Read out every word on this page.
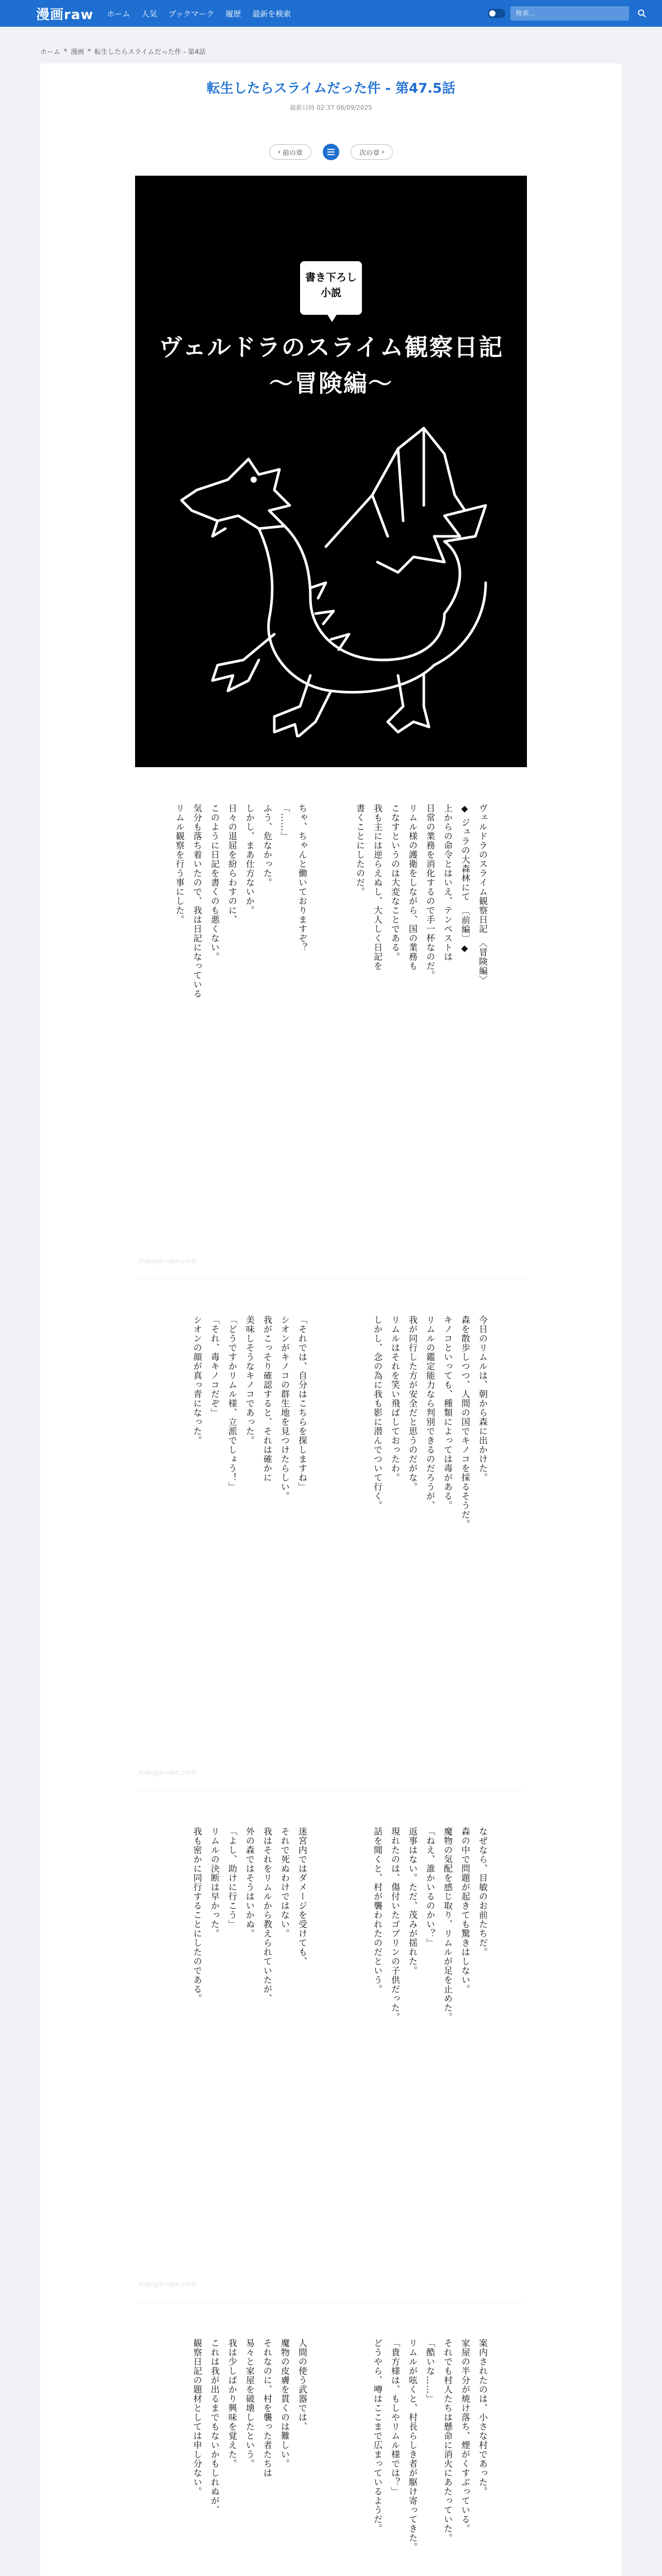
漫画raw ホーム 人気 ブックマーク 履歴 最新を検索
検索...
ホーム » 漫画 » 転生したらスライムだった件 - 第4話
転生したらスライムだった件 - 第47.5話
最新日時 02:37 06/09/2025
‹ 前の章	次の章 ›
書き下ろし
小説
ヴェルドラのスライム観察日記
〜冒険編〜
ヴェルドラのスライム観察日記　〈冒険編〉
◆ ジュラの大森林にて　〔前編〕◆
上からの命令とはいえ、テンペストは
日常の業務を消化するので手一杯なのだ。
リムル様の護衛をしながら、国の業務も
こなすというのは大変なことである。
我も主には逆らえぬし、大人しく日記を
書くことにしたのだ。
ちゃ、ちゃんと働いておりますぞ？
「……」
ふう、危なかった。
しかし、まあ仕方ないか。
日々の退屈を紛らわすのに、
このように日記を書くのも悪くない。
気分も落ち着いたので、我は日記になっている
リムル観察を行う事にした。
manga-raw.com
今日のリムルは、朝から森に出かけた。
森を散歩しつつ、人間の国でキノコを採るそうだ。
キノコといっても、種類によっては毒がある。
リムルの鑑定能力なら判別できるのだろうが、
我が同行した方が安全だと思うのだがな。
リムルはそれを笑い飛ばしておったわ。
しかし、念の為に我も影に潜んでついて行く。
「それでは、自分はこちらを探しますね」
シオンがキノコの群生地を見つけたらしい。
我がこっそり確認すると、それは確かに
美味しそうなキノコであった。
「どうですかリムル様、立派でしょう！」
「それ、毒キノコだぞ」
シオンの顔が真っ青になった。
manga-raw.com
なぜなら、目敏のお前たちだ。
森の中で問題が起きても驚きはしない。
魔物の気配を感じ取り、リムルが足を止めた。
「ねえ、誰かいるのかい？」
返事はない。ただ、茂みが揺れた。
現れたのは、傷付いたゴブリンの子供だった。
話を聞くと、村が襲われたのだという。
迷宮内ではダメージを受けても、
それで死ぬわけではない。
我はそれをリムルから教えられていたが、
外の森ではそうはいかぬ。
「よし、助けに行こう」
リムルの決断は早かった。
我も密かに同行することにしたのである。
manga-raw.com
案内されたのは、小さな村であった。
家屋の半分が焼け落ち、煙がくすぶっている。
それでも村人たちは懸命に消火にあたっていた。
「酷いな……」
リムルが呟くと、村長らしき者が駆け寄ってきた。
「貴方様は、もしやリムル様では？」
どうやら、噂はここまで広まっているようだ。
人間の使う武器では、
魔物の皮膚を貫くのは難しい。
それなのに、村を襲った者たちは
易々と家屋を破壊したという。
我は少しばかり興味を覚えた。
これは我が出るまでもないかもしれぬが、
観察日記の題材としては申し分ない。
